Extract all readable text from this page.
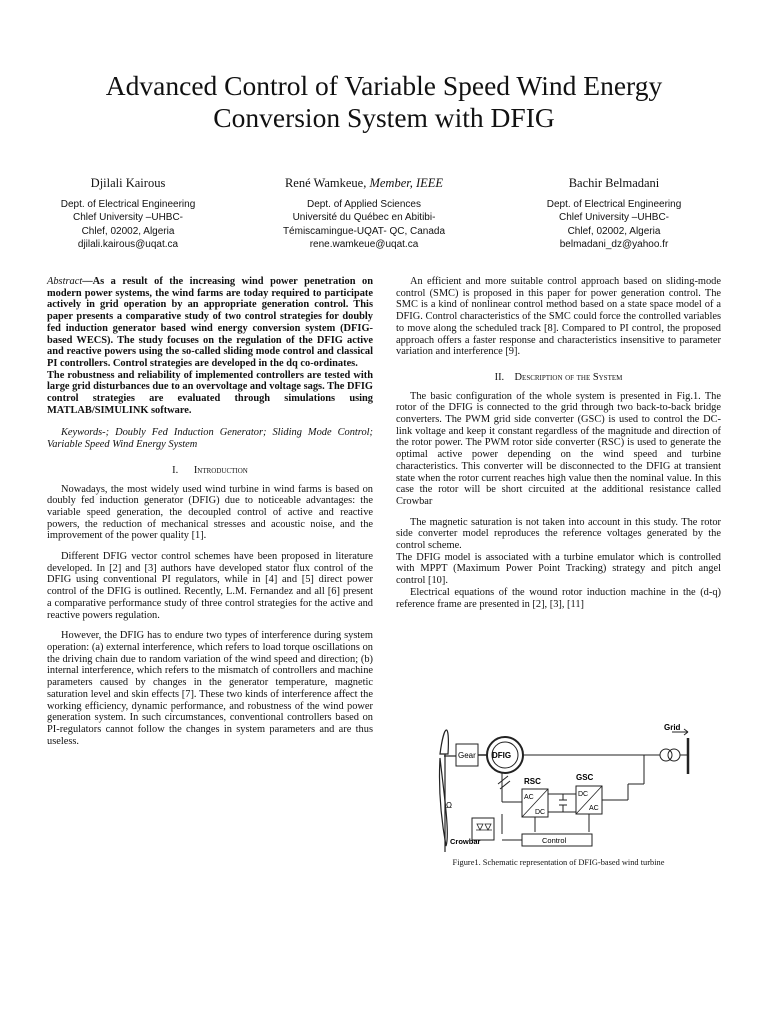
Advanced Control of Variable Speed Wind Energy
Conversion System with DFIG
Djilali Kairous
Dept. of Electrical Engineering
Chlef University –UHBC-
Chlef, 02002, Algeria
djilali.kairous@uqat.ca
René Wamkeue, Member, IEEE
Dept. of Applied Sciences
Université du Québec en Abitibi-
Témiscamingue-UQAT- QC, Canada
rene.wamkeue@uqat.ca
Bachir Belmadani
Dept. of Electrical Engineering
Chlef University –UHBC-
Chlef, 02002, Algeria
belmadani_dz@yahoo.fr

Abstract—As a result of the increasing wind power penetration on modern power systems, the wind farms are today required to participate actively in grid operation by an appropriate generation control. This paper presents a comparative study of two control strategies for doubly fed induction generator based wind energy conversion system (DFIG-based WECS). The study focuses on the regulation of the DFIG active and reactive powers using the so-called sliding mode control and classical PI controllers. Control strategies are developed in the dq co-ordinates.

The robustness and reliability of implemented controllers are tested with large grid disturbances due to an overvoltage and voltage sags. The DFIG control strategies are evaluated through simulations using MATLAB/SIMULINK software.

Keywords-; Doubly Fed Induction Generator; Sliding Mode Control; Variable Speed Wind Energy System

I. Introduction

Nowadays, the most widely used wind turbine in wind farms is based on doubly fed induction generator (DFIG) due to noticeable advantages: the variable speed generation, the decoupled control of active and reactive powers, the reduction of mechanical stresses and acoustic noise, and the improvement of the power quality [1].

Different DFIG vector control schemes have been proposed in literature developed. In [2] and [3] authors have developed stator flux control of the DFIG using conventional PI regulators, while in [4] and [5] direct power control of the DFIG is outlined. Recently, L.M. Fernandez and all [6] present a comparative performance study of three control strategies for the active and reactive powers regulation.

However, the DFIG has to endure two types of interference during system operation: (a) external interference, which refers to load torque oscillations on the driving chain due to random variation of the wind speed and direction; (b) internal interference, which refers to the mismatch of controllers and machine parameters caused by changes in the generator temperature, magnetic saturation level and skin effects [7]. These two kinds of interference affect the working efficiency, dynamic performance, and robustness of the wind power generation system. In such circumstances, conventional controllers based on PI-regulators cannot follow the changes in system parameters and are thus useless.

An efficient and more suitable control approach based on sliding-mode control (SMC) is proposed in this paper for power generation control. The SMC is a kind of nonlinear control method based on a state space model of a DFIG. Control characteristics of the SMC could force the controlled variables to move along the scheduled track [8]. Compared to PI control, the proposed approach offers a faster response and characteristics insensitive to parameter variation and interference [9].

II. Description of the System

The basic configuration of the whole system is presented in Fig.1. The rotor of the DFIG is connected to the grid through two back-to-back bridge converters. The PWM grid side converter (GSC) is used to control the DC-link voltage and keep it constant regardless of the magnitude and direction of the rotor power. The PWM rotor side converter (RSC) is used to generate the optimal active power depending on the wind speed and turbine characteristics. This converter will be disconnected to the DFIG at transient state when the rotor current reaches high value then the nominal value. In this case the rotor will be short circuited at the additional resistance called Crowbar

The magnetic saturation is not taken into account in this study. The rotor side converter model reproduces the reference voltages generated by the control scheme.

The DFIG model is associated with a turbine emulator which is controlled with MPPT (Maximum Power Point Tracking) strategy and pitch angel control [10].

Electrical equations of the wound rotor induction machine in the (d-q) reference frame are presented in [2], [3], [11]

Gear DFIG
Grid
RSC
AC
DC
GSC
DC
AC
Ω
Crowbar	Control
Figure1. Schematic representation of DFIG-based wind turbine
